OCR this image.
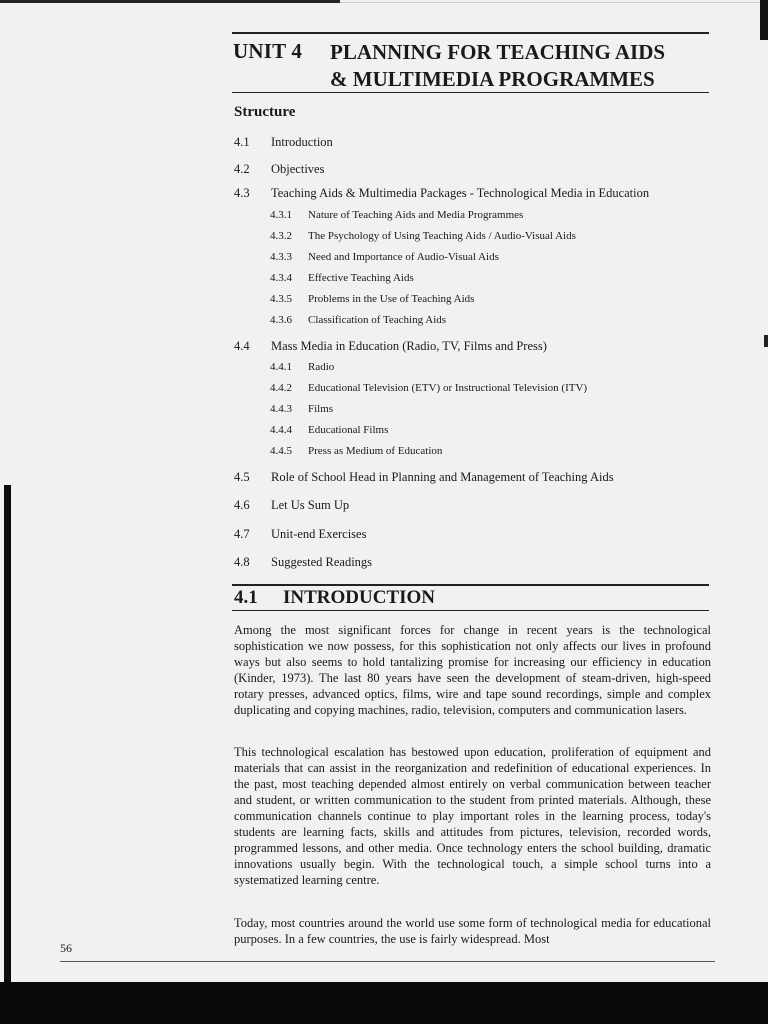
UNIT 4 PLANNING FOR TEACHING AIDS
& MULTIMEDIA PROGRAMMES
Structure
4.1 Introduction
4.2 Objectives
4.3 Teaching Aids & Multimedia Packages - Technological Media in Education
4.3.1 Nature of Teaching Aids and Media Programmes
4.3.2 The Psychology of Using Teaching Aids / Audio-Visual Aids
4.3.3 Need and Importance of Audio-Visual Aids
4.3.4 Effective Teaching Aids
4.3.5 Problems in the Use of Teaching Aids
4.3.6 Classification of Teaching Aids
4.4 Mass Media in Education (Radio, TV, Films and Press)
4.4.1 Radio
4.4.2 Educational Television (ETV) or Instructional Television (ITV)
4.4.3 Films
4.4.4 Educational Films
4.4.5 Press as Medium of Education
4.5 Role of School Head in Planning and Management of Teaching Aids
4.6 Let Us Sum Up
4.7 Unit-end Exercises
4.8 Suggested Readings
4.1 INTRODUCTION

Among the most significant forces for change in recent years is the technological sophistication we now possess, for this sophistication not only affects our lives in profound ways but also seems to hold tantalizing promise for increasing our efficiency in education (Kinder, 1973). The last 80 years have seen the development of steam-driven, high-speed rotary presses, advanced optics, films, wire and tape sound recordings, simple and complex duplicating and copying machines, radio, television, computers and communication lasers.

This technological escalation has bestowed upon education, proliferation of equipment and materials that can assist in the reorganization and redefinition of educational experiences. In the past, most teaching depended almost entirely on verbal communication between teacher and student, or written communication to the student from printed materials. Although, these communication channels continue to play important roles in the learning process, today's students are learning facts, skills and attitudes from pictures, television, recorded words, programmed lessons, and other media. Once technology enters the school building, dramatic innovations usually begin. With the technological touch, a simple school turns into a systematized learning centre.

Today, most countries around the world use some form of technological media for educational purposes. In a few countries, the use is fairly widespread. Most

56
